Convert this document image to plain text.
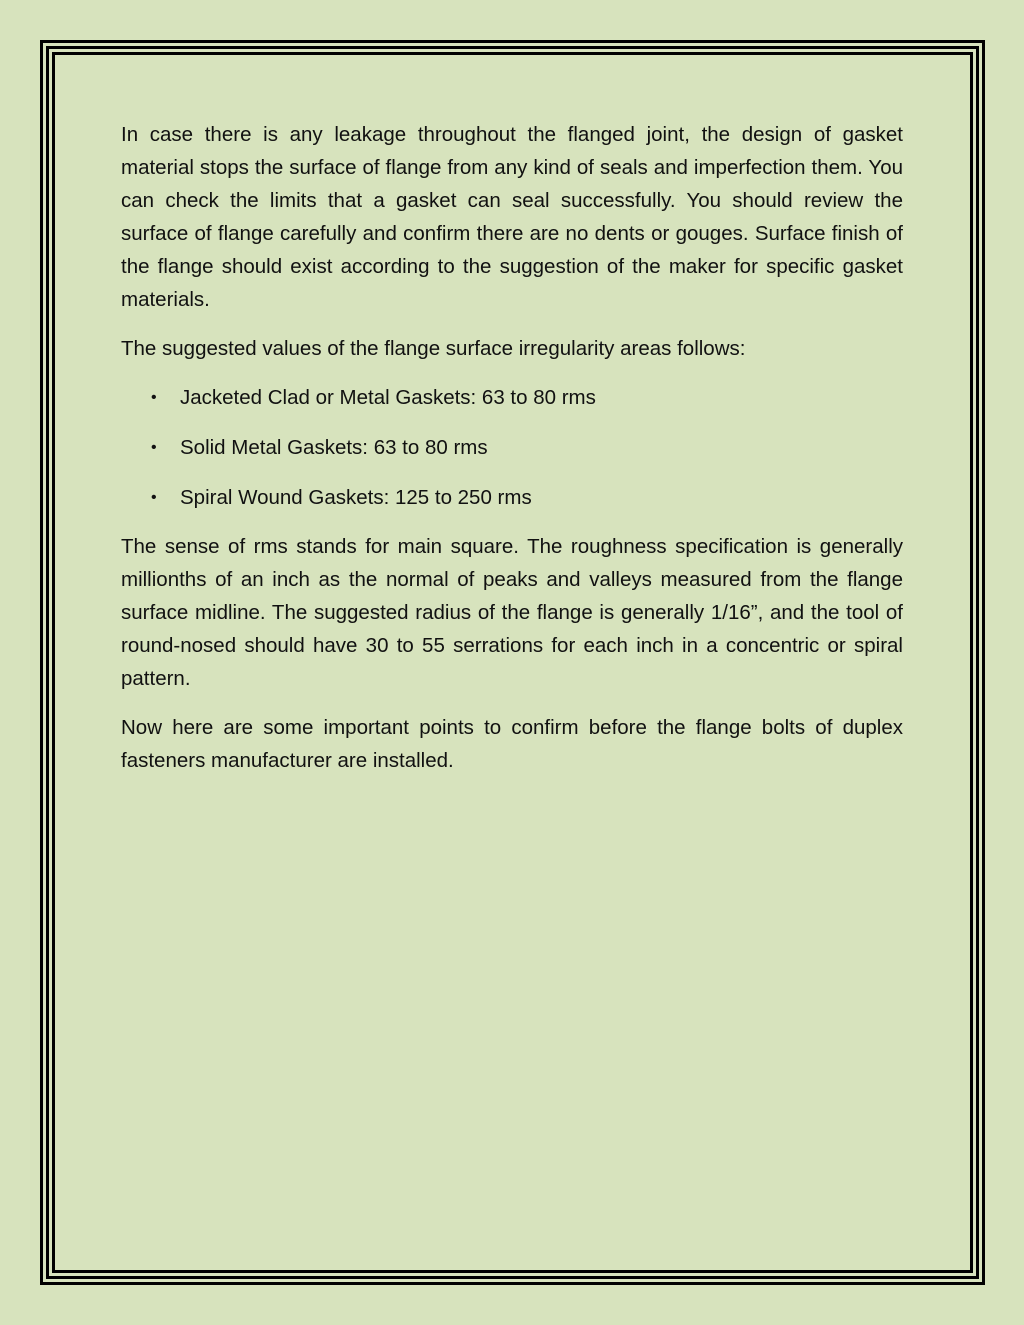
In case there is any leakage throughout the flanged joint, the design of gasket material stops the surface of flange from any kind of seals and imperfection them. You can check the limits that a gasket can seal successfully. You should review the surface of flange carefully and confirm there are no dents or gouges. Surface finish of the flange should exist according to the suggestion of the maker for specific gasket materials.

The suggested values of the flange surface irregularity areas follows:

• Jacketed Clad or Metal Gaskets: 63 to 80 rms
• Solid Metal Gaskets: 63 to 80 rms
• Spiral Wound Gaskets: 125 to 250 rms

The sense of rms stands for main square. The roughness specification is generally millionths of an inch as the normal of peaks and valleys measured from the flange surface midline. The suggested radius of the flange is generally 1/16”, and the tool of round-nosed should have 30 to 55 serrations for each inch in a concentric or spiral pattern.

Now here are some important points to confirm before the flange bolts of duplex fasteners manufacturer are installed.
